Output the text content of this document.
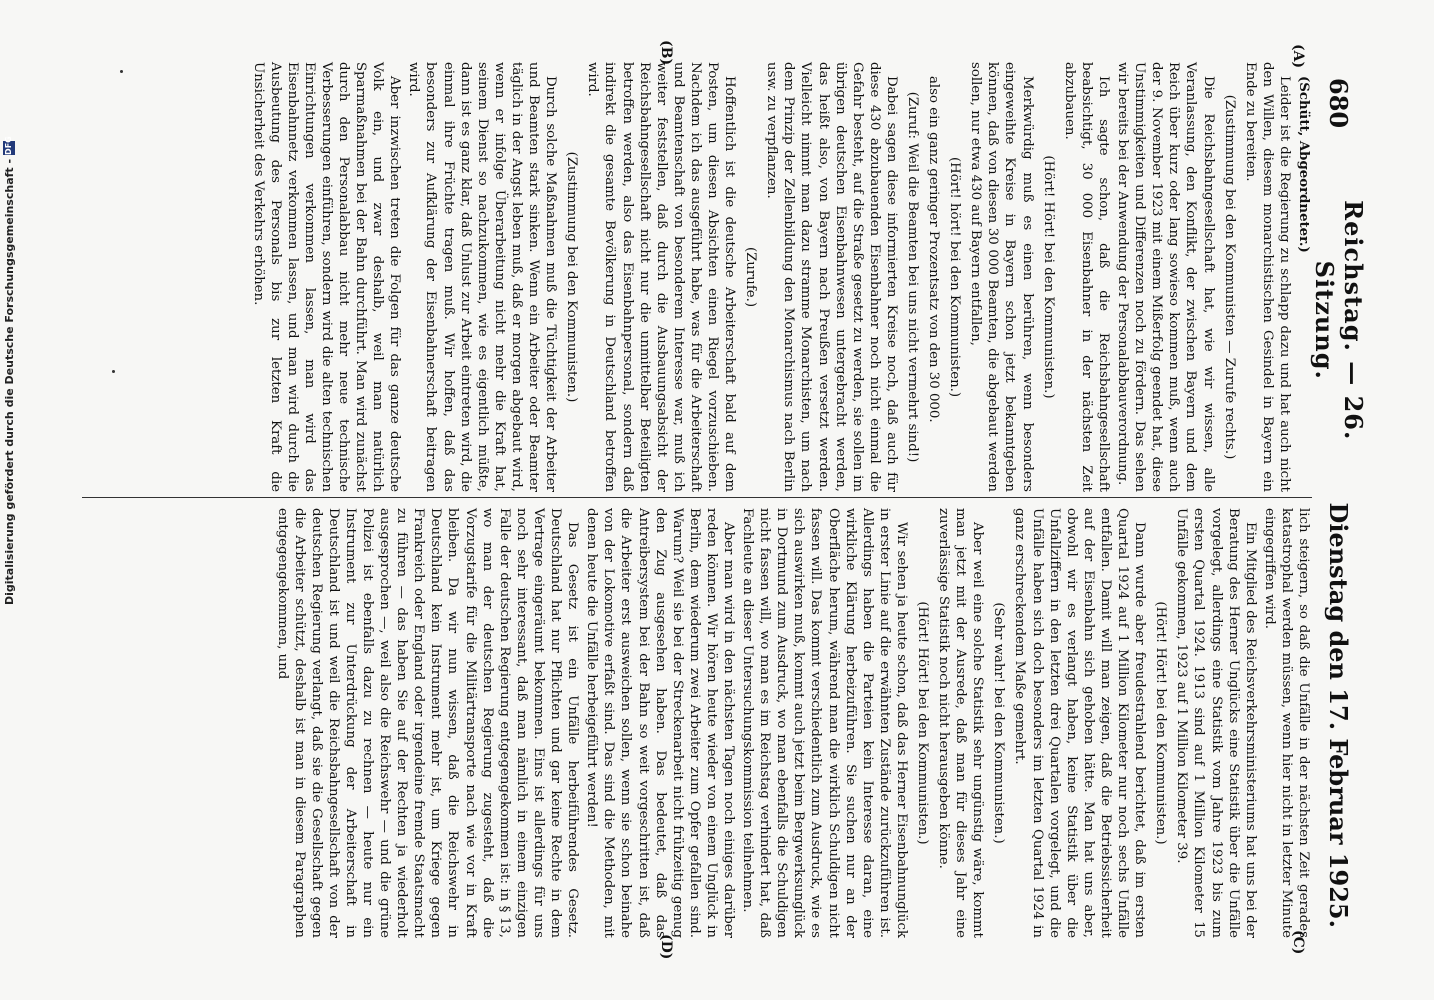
680
Reichstag. — 26. Sitzung.
Dienstag den 17. Februar 1925.
(A)
(B)
(C)
(D)

(Schütt, Abgeordneter.)

Leider ist die Regierung zu schlapp dazu und hat auch nicht den Willen, diesem monarchistischen Gesindel in Bayern ein Ende zu bereiten.

(Zustimmung bei den Kommunisten — Zurufe rechts.)

Die Reichsbahngesellschaft hat, wie wir wissen, alle Veranlassung, den Konflikt, der zwischen Bayern und dem Reich über kurz oder lang sowieso kommen muß, wenn auch der 9. November 1923 mit einem Mißerfolg geendet hat, diese Unstimmigkeiten und Differenzen noch zu fördern. Das sehen wir bereits bei der Anwendung der Personalabbauverordnung.

Ich sagte schon, daß die Reichsbahngesellschaft beabsichtigt, 30 000 Eisenbahner in der nächsten Zeit abzubauen.

(Hört! Hört! bei den Kommunisten.)

Merkwürdig muß es einen berühren, wenn besonders eingeweihte Kreise in Bayern schon jetzt bekanntgeben können, daß von diesen 30 000 Beamten, die abgebaut werden sollen, nur etwa 430 auf Bayern entfallen,

(Hört! hört! bei den Kommunisten.)

also ein ganz geringer Prozentsatz von den 30 000.

(Zuruf: Weil die Beamten bei uns nicht vermehrt sind!)

Dabei sagen diese informierten Kreise noch, daß auch für diese 430 abzubauenden Eisenbahner noch nicht einmal die Gefahr besteht, auf die Straße gesetzt zu werden, sie sollen im übrigen deutschen Eisenbahnwesen untergebracht werden, das heißt also, von Bayern nach Preußen versetzt werden. Vielleicht nimmt man dazu stramme Monarchisten, um nach dem Prinzip der Zellenbildung den Monarchismus nach Berlin usw. zu verpflanzen.

(Zurufe.)

Hoffentlich ist die deutsche Arbeiterschaft bald auf dem Posten, um diesen Absichten einen Riegel vorzuschieben. Nachdem ich das ausgeführt habe, was für die Arbeiterschaft und Beamtenschaft von besonderem Interesse war, muß ich weiter feststellen, daß durch die Ausbauungsabsicht der Reichsbahngesellschaft nicht nur die unmittelbar Beteiligten betroffen werden, also das Eisenbahnpersonal, sondern daß indirekt die gesamte Bevölkerung in Deutschland betroffen wird.

(Zustimmung bei den Kommunisten.)

Durch solche Maßnahmen muß die Tüchtigkeit der Arbeiter und Beamten stark sinken. Wenn ein Arbeiter oder Beamter täglich in der Angst leben muß, daß er morgen abgebaut wird, wenn er infolge Überarbeitung nicht mehr die Kraft hat, seinem Dienst so nachzukommen, wie es eigentlich müßte, dann ist es ganz klar, daß Unlust zur Arbeit eintreten wird, die einmal ihre Früchte tragen muß. Wir hoffen, daß das besonders zur Aufklärung der Eisenbahnerschaft beitragen wird.

Aber inzwischen treten die Folgen für das ganze deutsche Volk ein, und zwar deshalb, weil man natürlich Sparmaßnahmen bei der Bahn durchführt. Man wird zunächst durch den Personalabbau nicht mehr neue technische Verbesserungen einführen, sondern wird die alten technischen Einrichtungen verkommen lassen, man wird das Eisenbahnnetz verkommen lassen, und man wird durch die Ausbeutung des Personals bis zur letzten Kraft die Unsicherheit des Verkehrs erhöhen.

lich steigern, so daß die Unfälle in der nächsten Zeit gerades katastrophal werden müssen, wenn hier nicht in letzter Minute eingegriffen wird.

Ein Mitglied des Reichsverkehrsministeriums hat uns bei der Beratung des Herner Unglücks eine Statistik über die Unfälle vorgelegt, allerdings eine Statistik vom Jahre 1923 bis zum ersten Quartal 1924. 1913 sind auf 1 Million Kilometer 15 Unfälle gekommen, 1923 auf 1 Million Kilometer 39.

(Hört! Hört! bei den Kommunisten.)

Dann wurde aber freudestrahlend berichtet, daß im ersten Quartal 1924 auf 1 Million Kilometer nur noch sechs Unfälle entfallen. Damit will man zeigen, daß die Betriebssicherheit auf der Eisenbahn sich gehoben hätte. Man hat uns aber, obwohl wir es verlangt haben, keine Statistik über die Unfallziffern in den letzten drei Quartalen vorgelegt, und die Unfälle haben sich doch besonders im letzten Quartal 1924 in ganz erschreckendem Maße gemehrt.

(Sehr wahr! bei den Kommunisten.)

Aber weil eine solche Statistik sehr ungünstig wäre, kommt man jetzt mit der Ausrede, daß man für dieses Jahr eine zuverlässige Statistik noch nicht herausgeben könne.

(Hört! Hört! bei den Kommunisten.)

Wir sehen ja heute schon, daß das Herner Eisenbahnunglück in erster Linie auf die erwähnten Zustände zurückzuführen ist. Allerdings haben die Parteien kein Interesse daran, eine wirkliche Klärung herbeizuführen. Sie suchen nur an der Oberfläche herum, während man die wirklich Schuldigen nicht fassen will. Das kommt verschiedentlich zum Ausdruck, wie es sich auswirken muß, kommt auch jetzt beim Bergwerksunglück in Dortmund zum Ausdruck, wo man ebenfalls die Schuldigen nicht fassen will, wo man es im Reichstag verhindert hat, daß Fachleute an dieser Untersuchungskommission teilnehmen.

Aber man wird in den nächsten Tagen noch einiges darüber reden können. Wir hören heute wieder von einem Unglück in Berlin, dem wiederum zwei Arbeiter zum Opfer gefallen sind. Warum? Weil sie bei der Streckenarbeit nicht frühzeitig genug den Zug ausgesehen haben. Das bedeutet, daß das Antreibersystem bei der Bahn so weit vorgeschritten ist, daß die Arbeiter erst ausweichen sollen, wenn sie schon beinahe von der Lokomotive erfaßt sind. Das sind die Methoden, mit denen heute die Unfälle herbeigeführt werden!

Das Gesetz ist ein Unfälle herbeiführendes Gesetz. Deutschland hat nur Pflichten und gar keine Rechte in dem Vertrage eingeräumt bekommen. Eins ist allerdings für uns noch sehr interessant, daß man nämlich in einem einzigen Falle der deutschen Regierung entgegengekommen ist: in § 13, wo man der deutschen Regierung zugesteht, daß die Vorzugstarife für die Militärtransporte nach wie vor in Kraft bleiben. Da wir nun wissen, daß die Reichswehr in Deutschland kein Instrument mehr ist, um Kriege gegen Frankreich oder England oder irgendeine fremde Staatsmacht zu führen — das haben Sie auf der Rechten ja wiederholt ausgesprochen —, weil also die Reichswehr — und die grüne Polizei ist ebenfalls dazu zu rechnen — heute nur ein Instrument zur Unterdrückung der Arbeiterschaft in Deutschland ist und weil die Reichsbahngesellschaft von der deutschen Regierung verlangt, daß sie die Gesellschaft gegen die Arbeiter schützt, deshalb ist man in diesem Paragraphen entgegengekommen, und

Digitalisierung gefördert durch die Deutsche Forschungsgemeinschaft -
DFG
